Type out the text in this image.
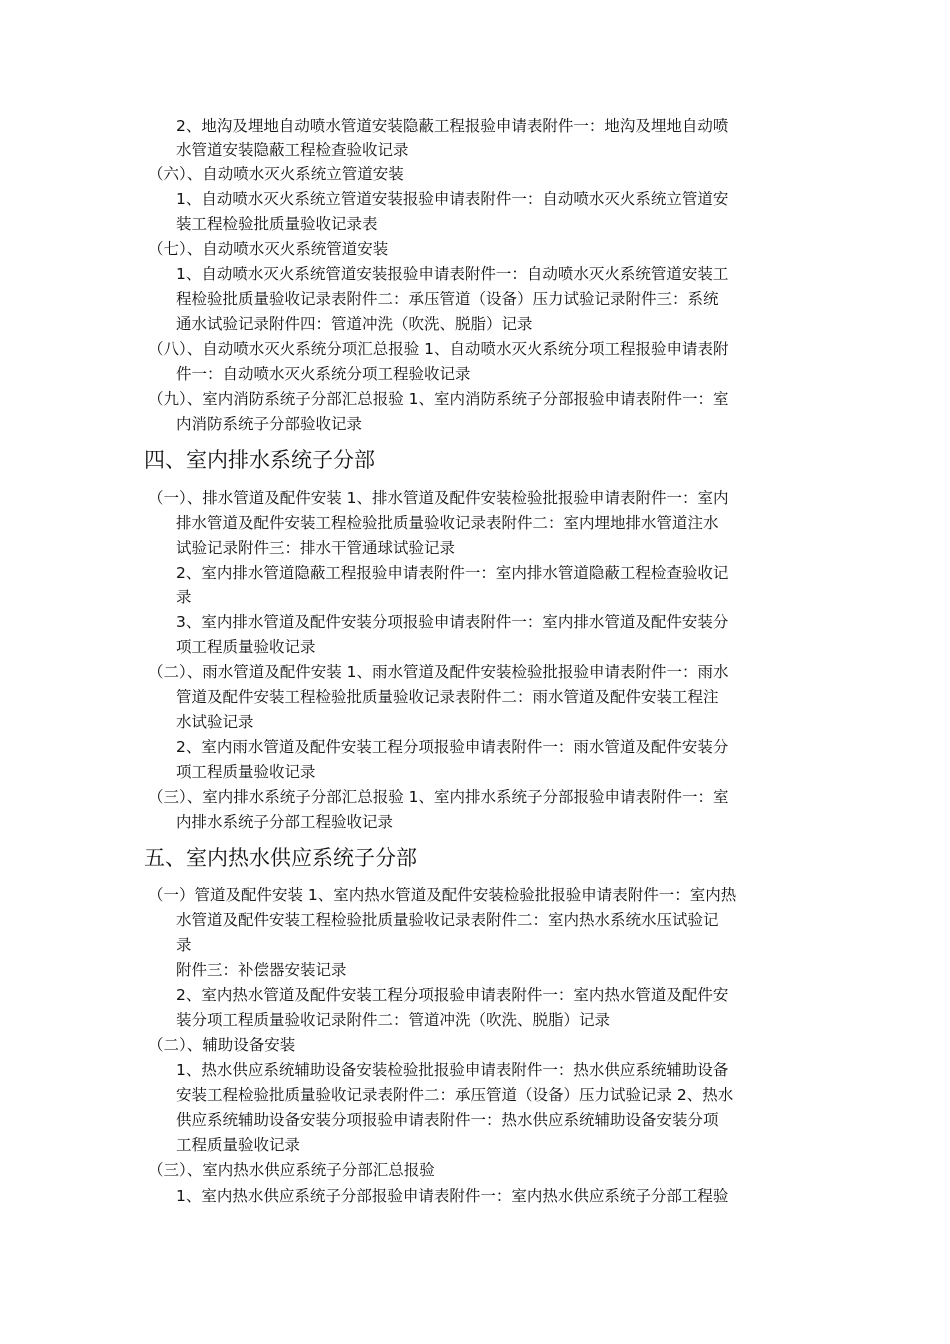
2、地沟及埋地自动喷水管道安装隐蔽工程报验申请表附件一：地沟及埋地自动喷
水管道安装隐蔽工程检查验收记录
（六）、自动喷水灭火系统立管道安装
1、自动喷水灭火系统立管道安装报验申请表附件一：自动喷水灭火系统立管道安
装工程检验批质量验收记录表
（七）、自动喷水灭火系统管道安装
1、自动喷水灭火系统管道安装报验申请表附件一：自动喷水灭火系统管道安装工
程检验批质量验收记录表附件二：承压管道（设备）压力试验记录附件三：系统
通水试验记录附件四：管道冲洗（吹洗、脱脂）记录
（八）、自动喷水灭火系统分项汇总报验 1、自动喷水灭火系统分项工程报验申请表附
件一：自动喷水灭火系统分项工程验收记录
（九）、室内消防系统子分部汇总报验 1、室内消防系统子分部报验申请表附件一：室
内消防系统子分部验收记录
四、室内排水系统子分部
（一）、排水管道及配件安装 1、排水管道及配件安装检验批报验申请表附件一：室内
排水管道及配件安装工程检验批质量验收记录表附件二：室内埋地排水管道注水
试验记录附件三：排水干管通球试验记录
2、室内排水管道隐蔽工程报验申请表附件一：室内排水管道隐蔽工程检查验收记
录
3、室内排水管道及配件安装分项报验申请表附件一：室内排水管道及配件安装分
项工程质量验收记录
（二）、雨水管道及配件安装 1、雨水管道及配件安装检验批报验申请表附件一：雨水
管道及配件安装工程检验批质量验收记录表附件二：雨水管道及配件安装工程注
水试验记录
2、室内雨水管道及配件安装工程分项报验申请表附件一：雨水管道及配件安装分
项工程质量验收记录
（三）、室内排水系统子分部汇总报验 1、室内排水系统子分部报验申请表附件一：室
内排水系统子分部工程验收记录
五、室内热水供应系统子分部
（一）管道及配件安装 1、室内热水管道及配件安装检验批报验申请表附件一：室内热
水管道及配件安装工程检验批质量验收记录表附件二：室内热水系统水压试验记
录
附件三：补偿器安装记录
2、室内热水管道及配件安装工程分项报验申请表附件一：室内热水管道及配件安
装分项工程质量验收记录附件二：管道冲洗（吹洗、脱脂）记录
（二）、辅助设备安装
1、热水供应系统辅助设备安装检验批报验申请表附件一：热水供应系统辅助设备
安装工程检验批质量验收记录表附件二：承压管道（设备）压力试验记录 2、热水
供应系统辅助设备安装分项报验申请表附件一：热水供应系统辅助设备安装分项
工程质量验收记录
（三）、室内热水供应系统子分部汇总报验
1、室内热水供应系统子分部报验申请表附件一：室内热水供应系统子分部工程验
